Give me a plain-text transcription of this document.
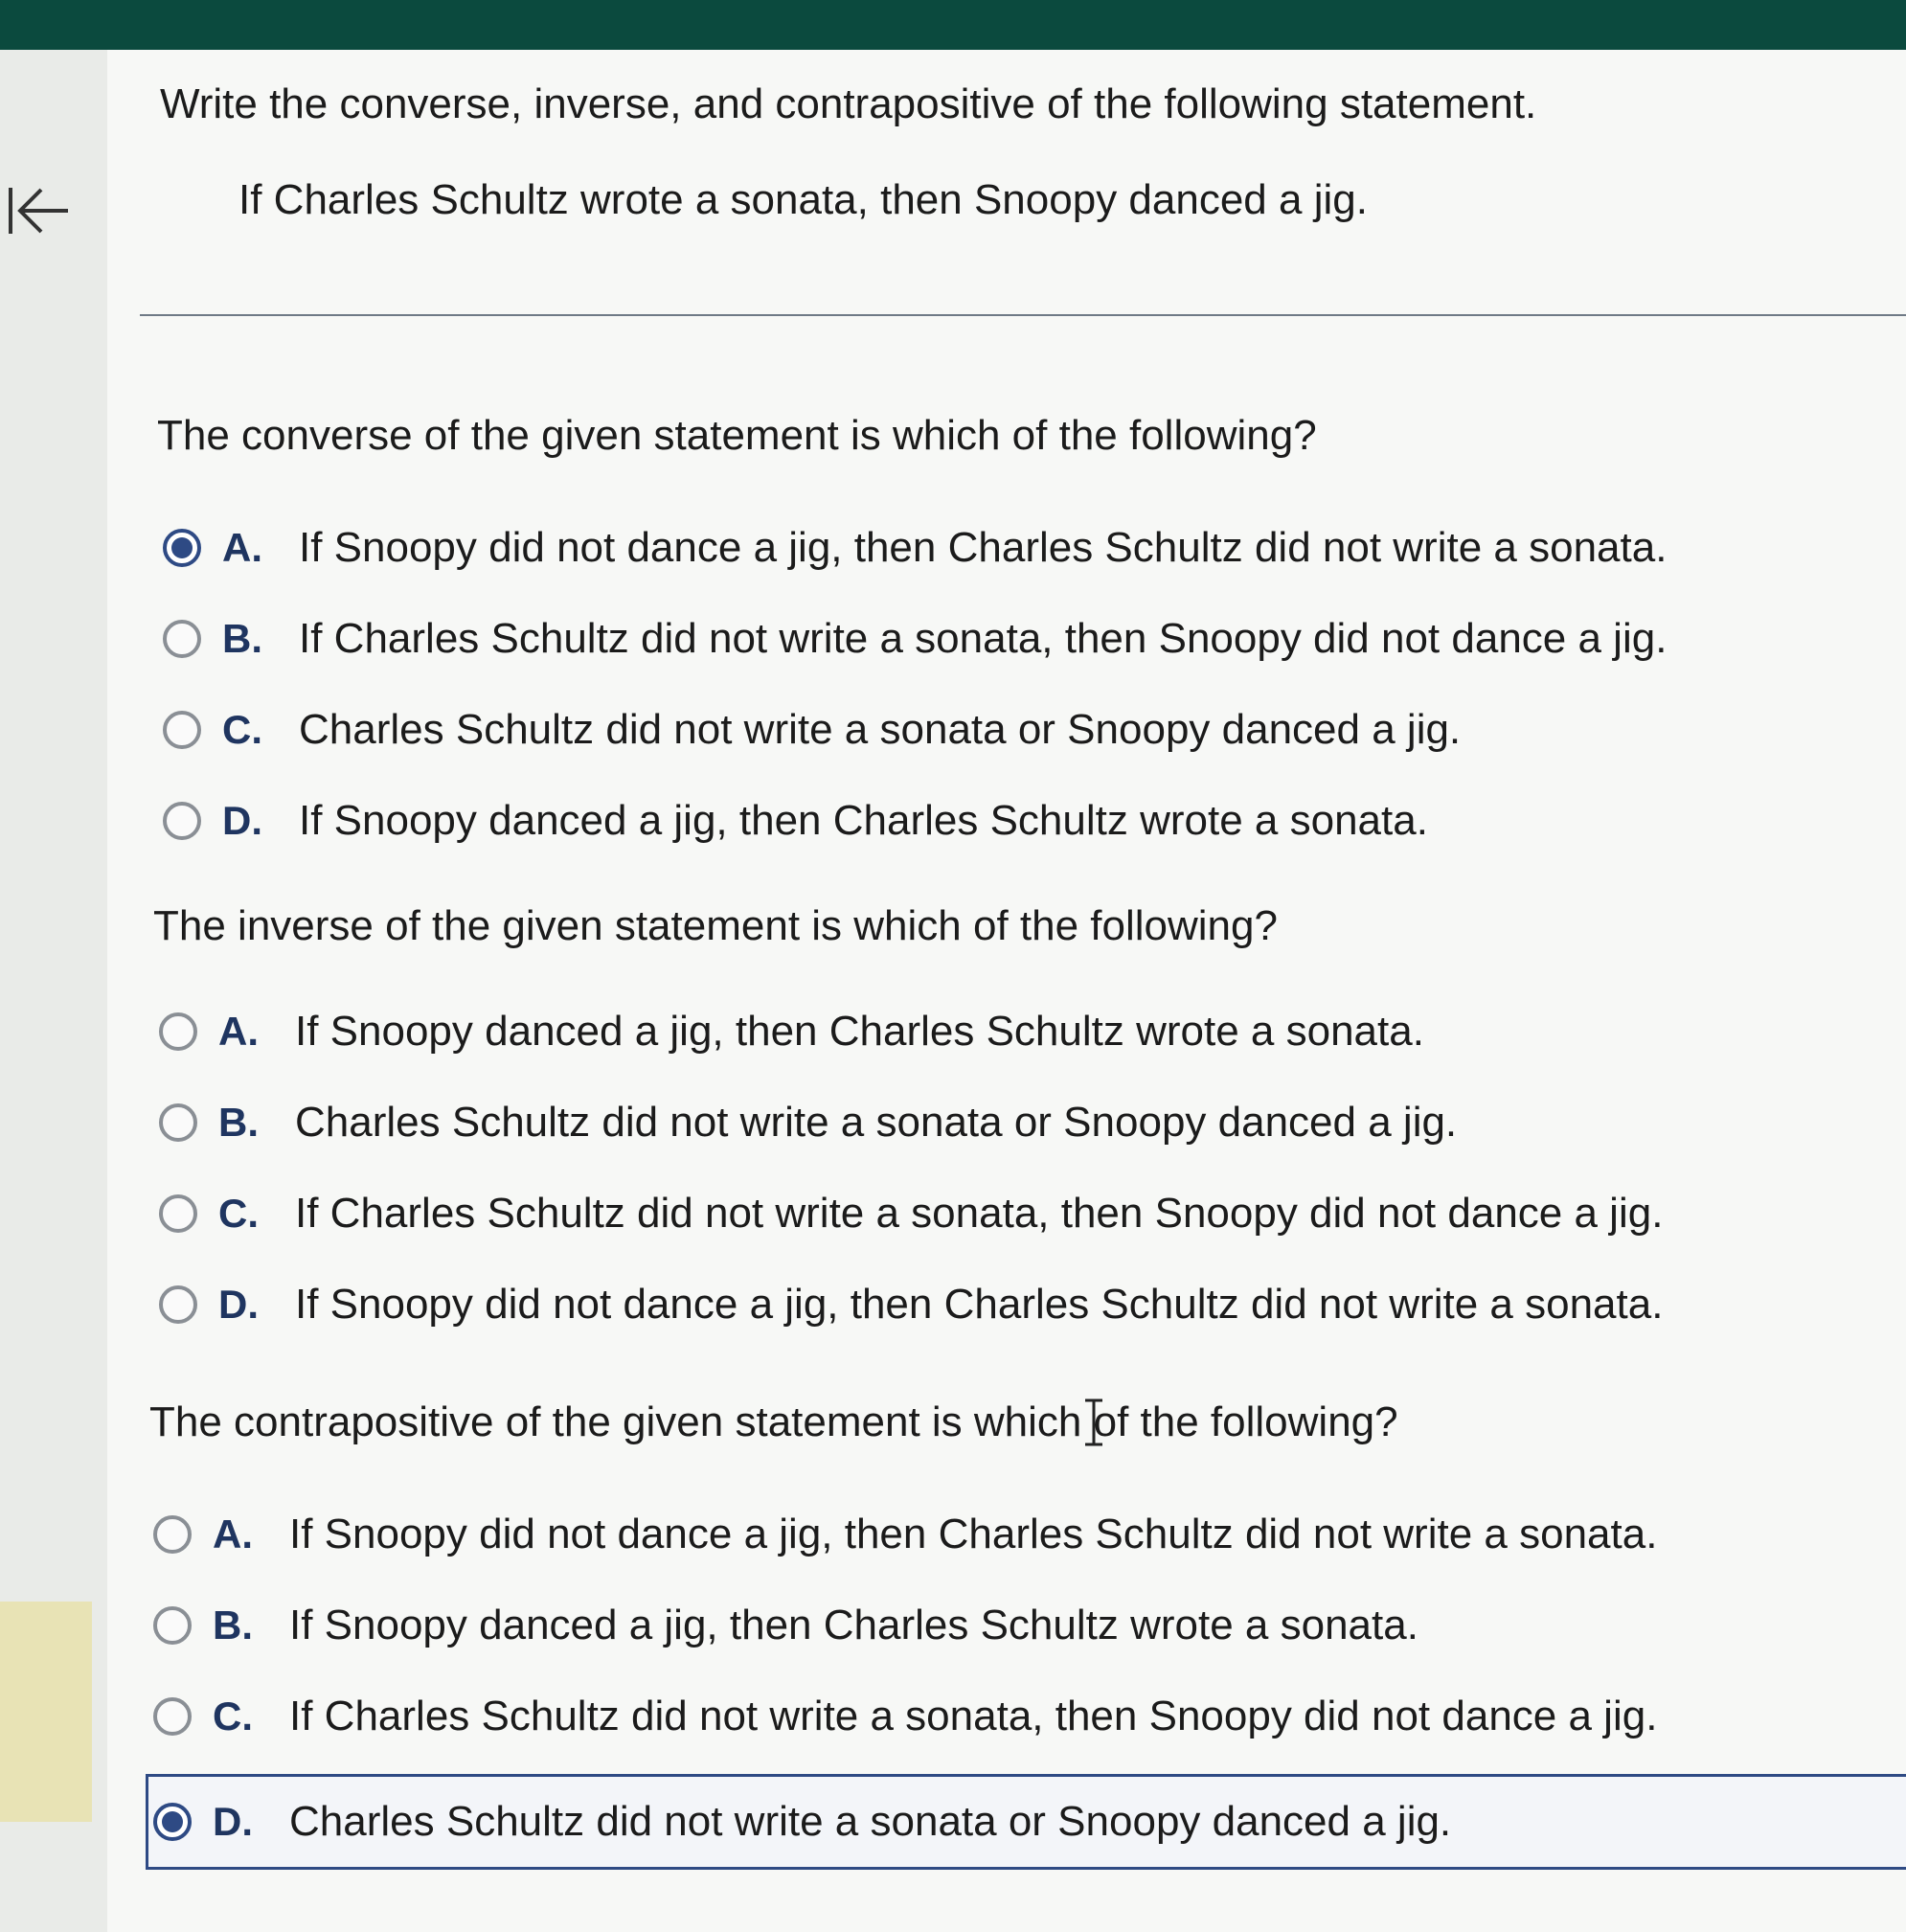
Write the converse, inverse, and contrapositive of the following statement.
If Charles Schultz wrote a sonata, then Snoopy danced a jig.
The converse of the given statement is which of the following?
A. If Snoopy did not dance a jig, then Charles Schultz did not write a sonata.
B. If Charles Schultz did not write a sonata, then Snoopy did not dance a jig.
C. Charles Schultz did not write a sonata or Snoopy danced a jig.
D. If Snoopy danced a jig, then Charles Schultz wrote a sonata.
The inverse of the given statement is which of the following?
A. If Snoopy danced a jig, then Charles Schultz wrote a sonata.
B. Charles Schultz did not write a sonata or Snoopy danced a jig.
C. If Charles Schultz did not write a sonata, then Snoopy did not dance a jig.
D. If Snoopy did not dance a jig, then Charles Schultz did not write a sonata.
The contrapositive of the given statement is which of the following?
A. If Snoopy did not dance a jig, then Charles Schultz did not write a sonata.
B. If Snoopy danced a jig, then Charles Schultz wrote a sonata.
C. If Charles Schultz did not write a sonata, then Snoopy did not dance a jig.
D. Charles Schultz did not write a sonata or Snoopy danced a jig.
